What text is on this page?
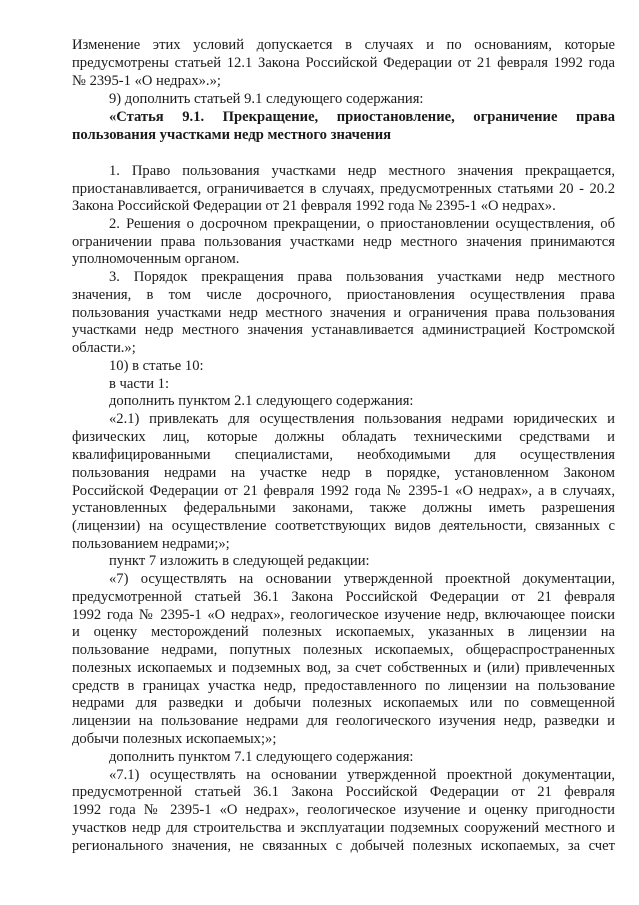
Изменение этих условий допускается в случаях и по основаниям, которые
предусмотрены статьей 12.1 Закона Российской Федерации от 21 февраля 1992 года
№ 2395-1 «О недрах».»;
9) дополнить статьей 9.1 следующего содержания:
«Статья 9.1. Прекращение, приостановление, ограничение права
пользования участками недр местного значения
1. Право пользования участками недр местного значения прекращается,
приостанавливается, ограничивается в случаях, предусмотренных статьями 20 - 20.2
Закона Российской Федерации от 21 февраля 1992 года № 2395-1 «О недрах».
2. Решения о досрочном прекращении, о приостановлении осуществления, об
ограничении права пользования участками недр местного значения принимаются
уполномоченным органом.
3. Порядок прекращения права пользования участками недр местного
значения, в том числе досрочного, приостановления осуществления права
пользования участками недр местного значения и ограничения права пользования
участками недр местного значения устанавливается администрацией Костромской
области.»;
10) в статье 10:
в части 1:
дополнить пунктом 2.1 следующего содержания:
«2.1) привлекать для осуществления пользования недрами юридических и
физических лиц, которые должны обладать техническими средствами и
квалифицированными специалистами, необходимыми для осуществления
пользования недрами на участке недр в порядке, установленном Законом
Российской Федерации от 21 февраля 1992 года № 2395-1 «О недрах», а в случаях,
установленных федеральными законами, также должны иметь разрешения
(лицензии) на осуществление соответствующих видов деятельности, связанных с
пользованием недрами;»;
пункт 7 изложить в следующей редакции:
«7) осуществлять на основании утвержденной проектной документации,
предусмотренной статьей 36.1 Закона Российской Федерации от 21 февраля
1992 года № 2395-1 «О недрах», геологическое изучение недр, включающее поиски
и оценку месторождений полезных ископаемых, указанных в лицензии на
пользование недрами, попутных полезных ископаемых, общераспространенных
полезных ископаемых и подземных вод, за счет собственных и (или) привлеченных
средств в границах участка недр, предоставленного по лицензии на пользование
недрами для разведки и добычи полезных ископаемых или по совмещенной
лицензии на пользование недрами для геологического изучения недр, разведки и
добычи полезных ископаемых;»;
дополнить пунктом 7.1 следующего содержания:
«7.1) осуществлять на основании утвержденной проектной документации,
предусмотренной статьей 36.1 Закона Российской Федерации от 21 февраля
1992 года № 2395-1 «О недрах», геологическое изучение и оценку пригодности
участков недр для строительства и эксплуатации подземных сооружений местного и
регионального значения, не связанных с добычей полезных ископаемых, за счет
